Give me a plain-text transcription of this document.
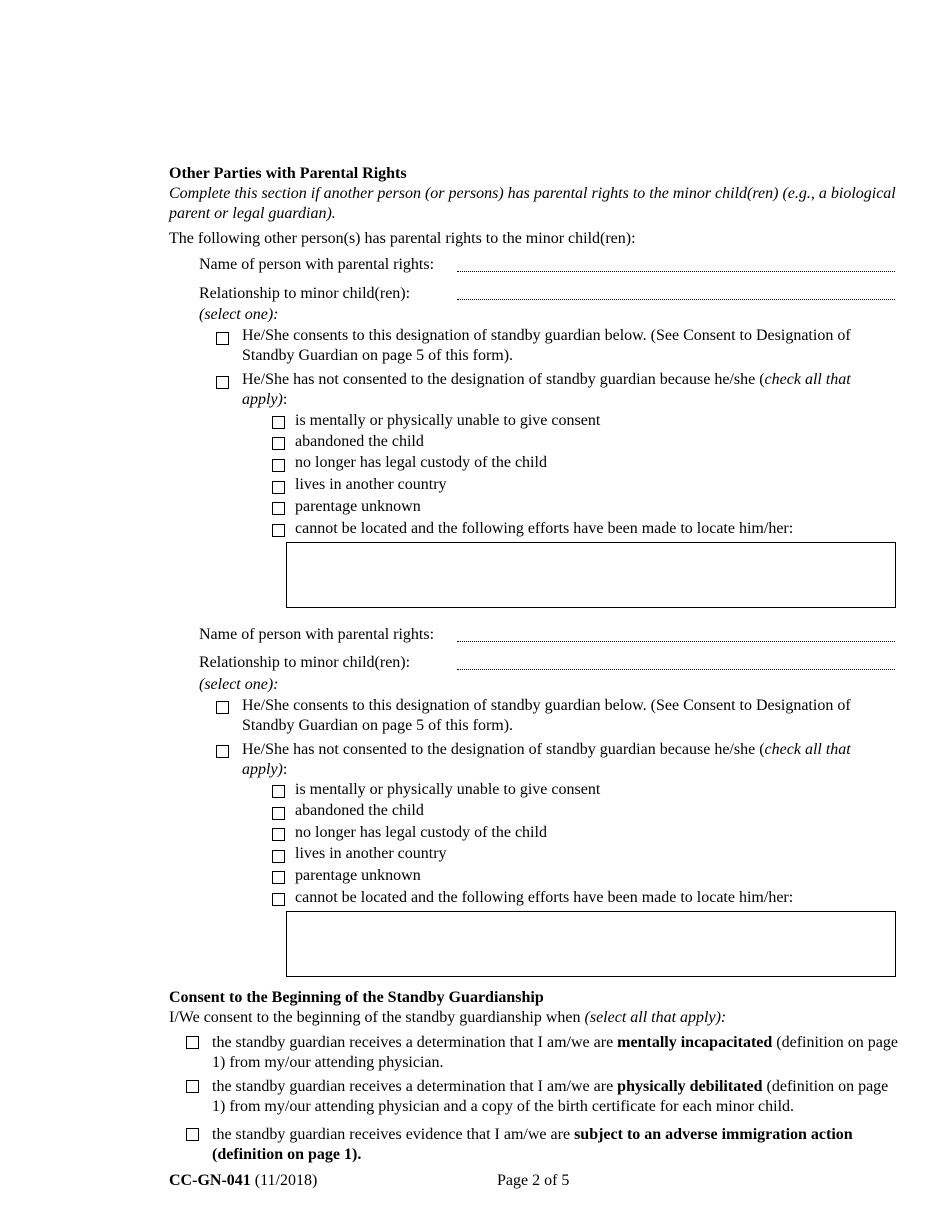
Other Parties with Parental Rights
Complete this section if another person (or persons) has parental rights to the minor child(ren) (e.g., a biological parent or legal guardian).
The following other person(s) has parental rights to the minor child(ren):
Name of person with parental rights:
Relationship to minor child(ren):
(select one):
He/She consents to this designation of standby guardian below. (See Consent to Designation of Standby Guardian on page 5 of this form).
He/She has not consented to the designation of standby guardian because he/she (check all that apply):
is mentally or physically unable to give consent
abandoned the child
no longer has legal custody of the child
lives in another country
parentage unknown
cannot be located and the following efforts have been made to locate him/her:
Name of person with parental rights:
Relationship to minor child(ren):
(select one):
He/She consents to this designation of standby guardian below. (See Consent to Designation of Standby Guardian on page 5 of this form).
He/She has not consented to the designation of standby guardian because he/she (check all that apply):
is mentally or physically unable to give consent
abandoned the child
no longer has legal custody of the child
lives in another country
parentage unknown
cannot be located and the following efforts have been made to locate him/her:
Consent to the Beginning of the Standby Guardianship
I/We consent to the beginning of the standby guardianship when (select all that apply):
the standby guardian receives a determination that I am/we are mentally incapacitated (definition on page 1) from my/our attending physician.
the standby guardian receives a determination that I am/we are physically debilitated (definition on page 1) from my/our attending physician and a copy of the birth certificate for each minor child.
the standby guardian receives evidence that I am/we are subject to an adverse immigration action (definition on page 1).
CC-GN-041 (11/2018)	Page 2 of 5
